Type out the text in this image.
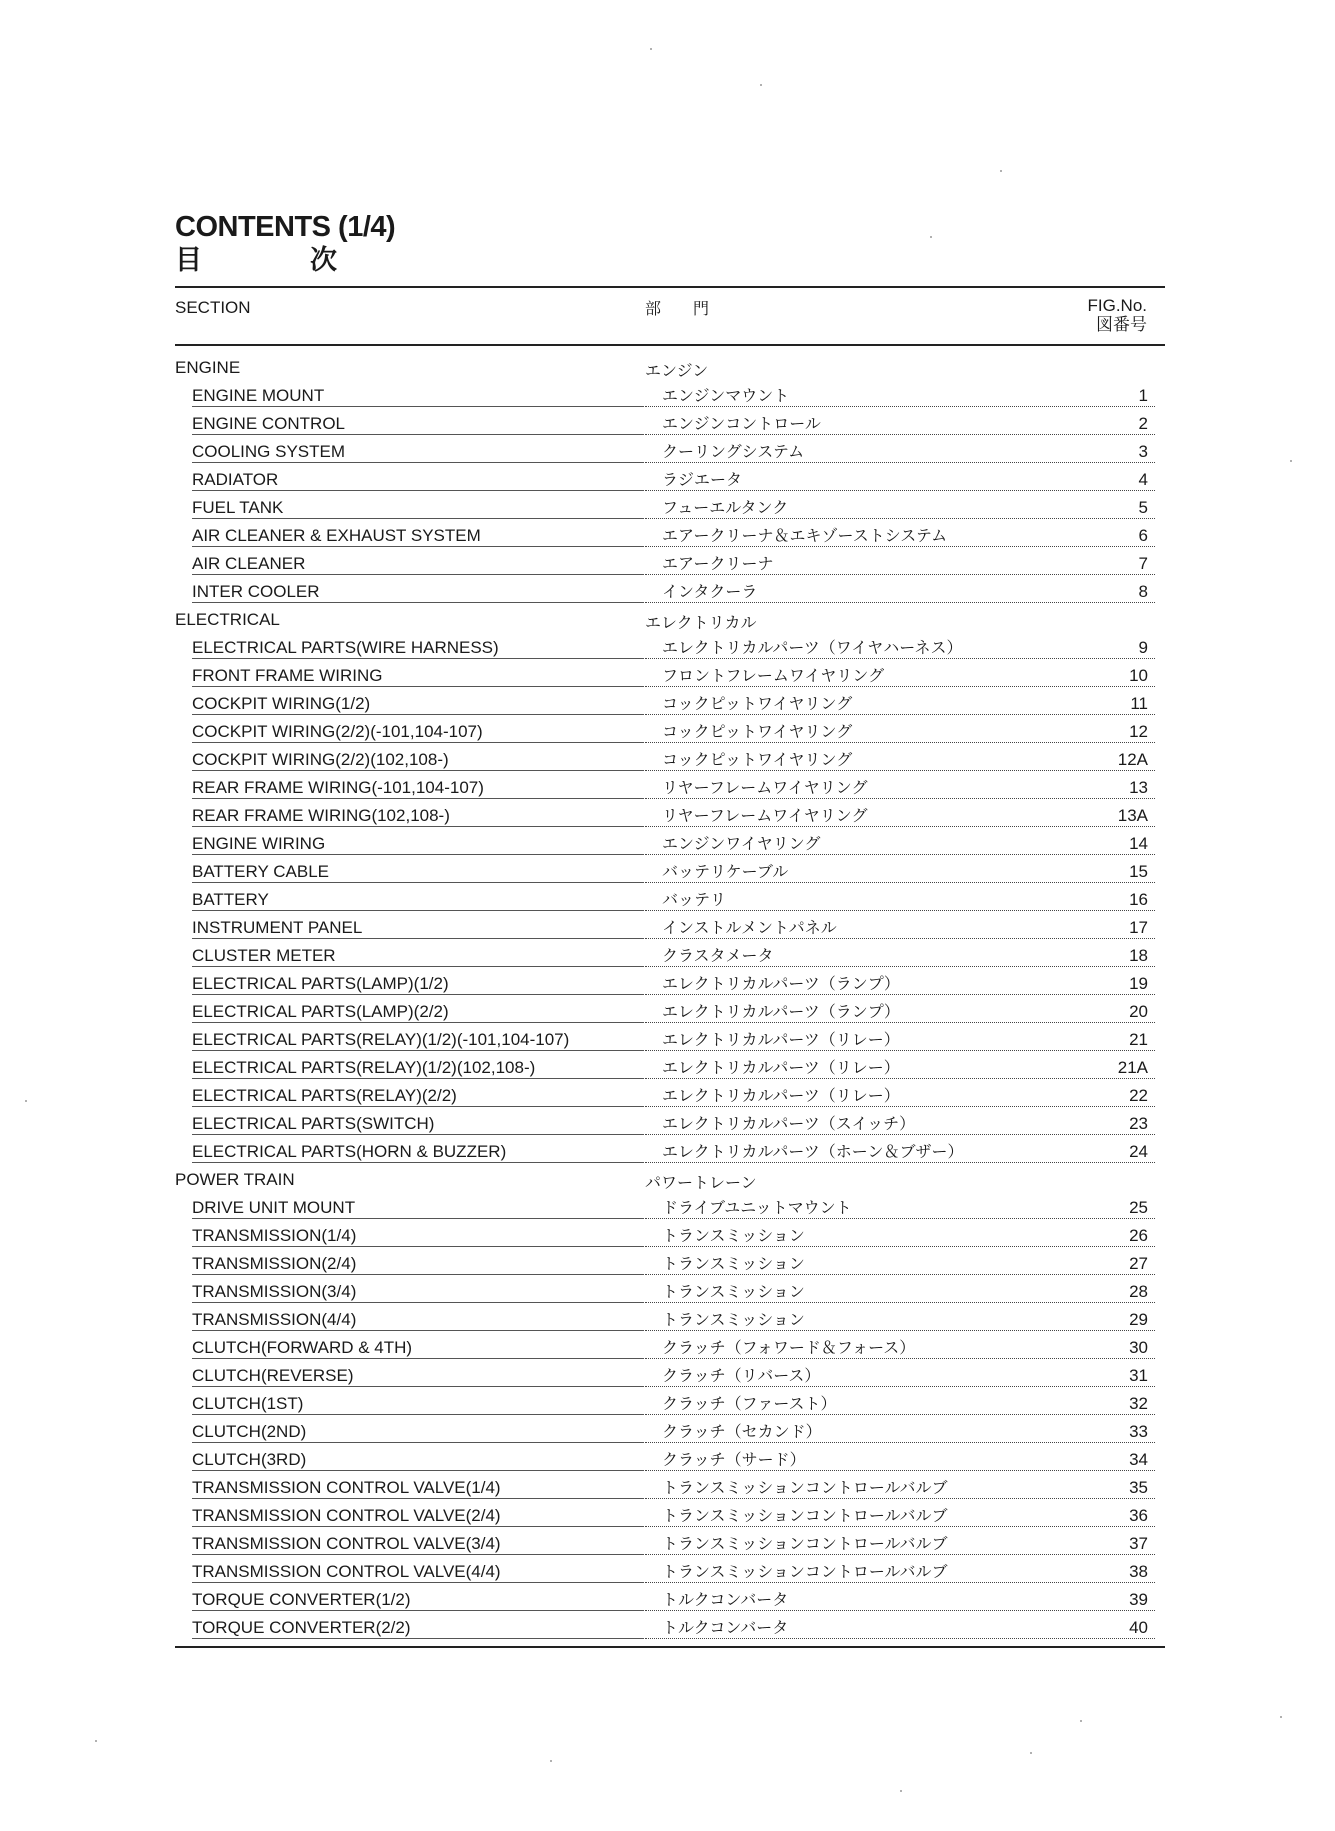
CONTENTS (1/4)
目	次
SECTION	部　　門	FIG.No.
図番号
ENGINE	エンジン
ENGINE MOUNT	エンジンマウント	1
ENGINE CONTROL	エンジンコントロール	2
COOLING SYSTEM	クーリングシステム	3
RADIATOR	ラジエータ	4
FUEL TANK	フューエルタンク	5
AIR CLEANER & EXHAUST SYSTEM	エアークリーナ＆エキゾーストシステム	6
AIR CLEANER	エアークリーナ	7
INTER COOLER	インタクーラ	8
ELECTRICAL	エレクトリカル
ELECTRICAL PARTS(WIRE HARNESS)	エレクトリカルパーツ（ワイヤハーネス）	9
FRONT FRAME WIRING	フロントフレームワイヤリング	10
COCKPIT WIRING(1/2)	コックピットワイヤリング	11
COCKPIT WIRING(2/2)(-101,104-107)	コックピットワイヤリング	12
COCKPIT WIRING(2/2)(102,108-)	コックピットワイヤリング	12A
REAR FRAME WIRING(-101,104-107)	リヤーフレームワイヤリング	13
REAR FRAME WIRING(102,108-)	リヤーフレームワイヤリング	13A
ENGINE WIRING	エンジンワイヤリング	14
BATTERY CABLE	バッテリケーブル	15
BATTERY	バッテリ	16
INSTRUMENT PANEL	インストルメントパネル	17
CLUSTER METER	クラスタメータ	18
ELECTRICAL PARTS(LAMP)(1/2)	エレクトリカルパーツ（ランプ）	19
ELECTRICAL PARTS(LAMP)(2/2)	エレクトリカルパーツ（ランプ）	20
ELECTRICAL PARTS(RELAY)(1/2)(-101,104-107)	エレクトリカルパーツ（リレー）	21
ELECTRICAL PARTS(RELAY)(1/2)(102,108-)	エレクトリカルパーツ（リレー）	21A
ELECTRICAL PARTS(RELAY)(2/2)	エレクトリカルパーツ（リレー）	22
ELECTRICAL PARTS(SWITCH)	エレクトリカルパーツ（スイッチ）	23
ELECTRICAL PARTS(HORN & BUZZER)	エレクトリカルパーツ（ホーン＆ブザー）	24
POWER TRAIN	パワートレーン
DRIVE UNIT MOUNT	ドライブユニットマウント	25
TRANSMISSION(1/4)	トランスミッション	26
TRANSMISSION(2/4)	トランスミッション	27
TRANSMISSION(3/4)	トランスミッション	28
TRANSMISSION(4/4)	トランスミッション	29
CLUTCH(FORWARD & 4TH)	クラッチ（フォワード＆フォース）	30
CLUTCH(REVERSE)	クラッチ（リバース）	31
CLUTCH(1ST)	クラッチ（ファースト）	32
CLUTCH(2ND)	クラッチ（セカンド）	33
CLUTCH(3RD)	クラッチ（サード）	34
TRANSMISSION CONTROL VALVE(1/4)	トランスミッションコントロールバルブ	35
TRANSMISSION CONTROL VALVE(2/4)	トランスミッションコントロールバルブ	36
TRANSMISSION CONTROL VALVE(3/4)	トランスミッションコントロールバルブ	37
TRANSMISSION CONTROL VALVE(4/4)	トランスミッションコントロールバルブ	38
TORQUE CONVERTER(1/2)	トルクコンバータ	39
TORQUE CONVERTER(2/2)	トルクコンバータ	40
